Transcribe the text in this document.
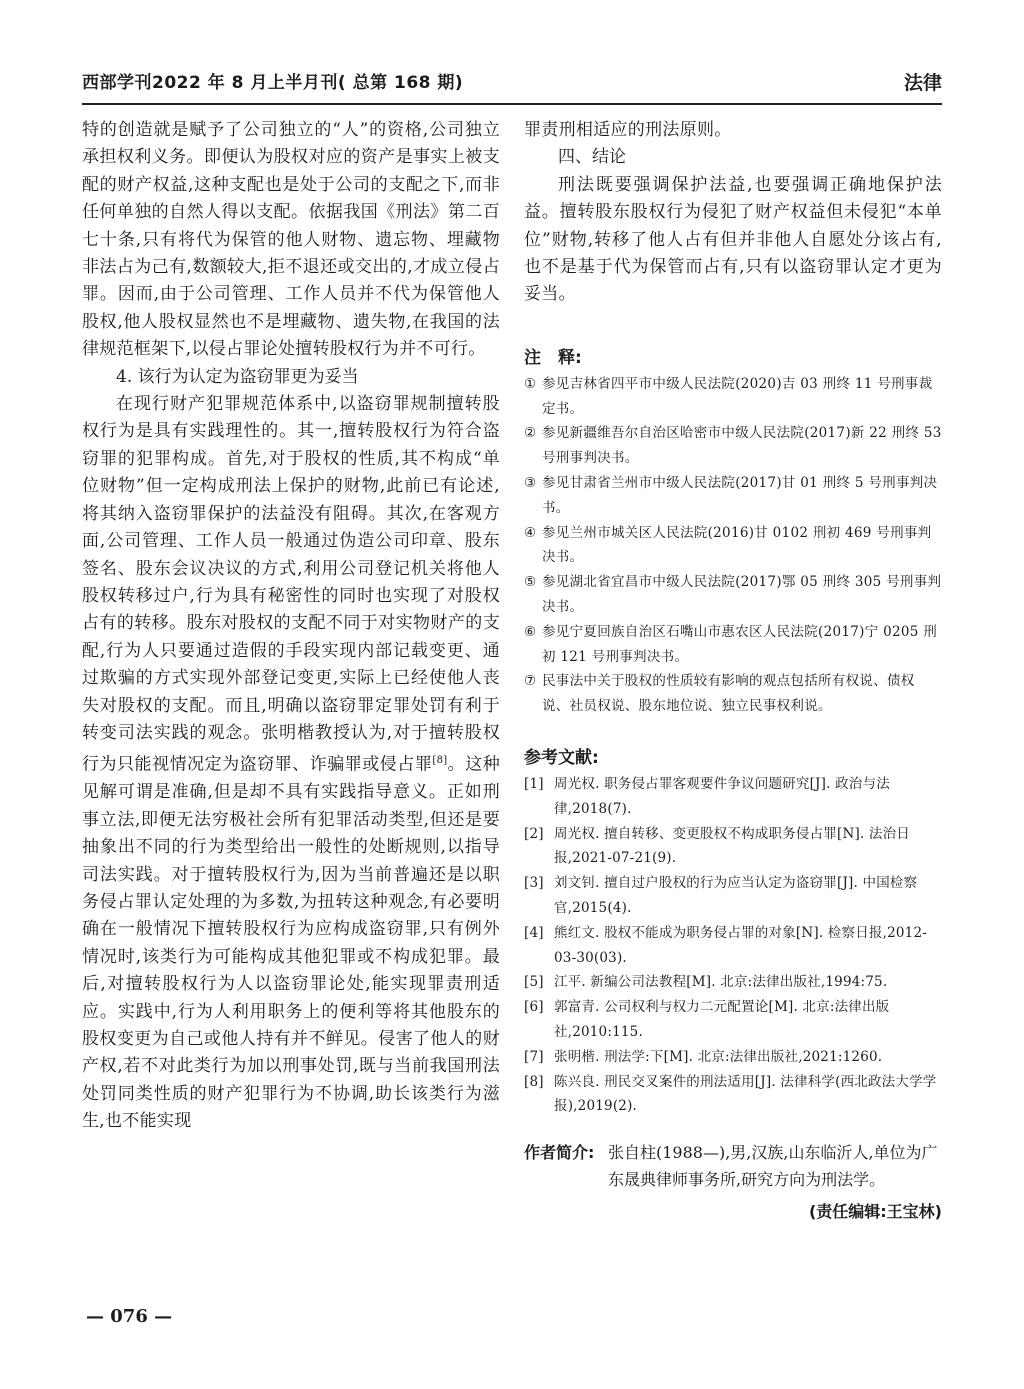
西部学刊2022 年 8 月上半月刊( 总第 168 期)	法律

特的创造就是赋予了公司独立的“人”的资格,公司独立承担权利义务。即便认为股权对应的资产是事实上被支配的财产权益,这种支配也是处于公司的支配之下,而非任何单独的自然人得以支配。依据我国《刑法》第二百七十条,只有将代为保管的他人财物、遗忘物、埋藏物非法占为己有,数额较大,拒不退还或交出的,才成立侵占罪。因而,由于公司管理、工作人员并不代为保管他人股权,他人股权显然也不是埋藏物、遗失物,在我国的法律规范框架下,以侵占罪论处擅转股权行为并不可行。

4. 该行为认定为盗窃罪更为妥当

在现行财产犯罪规范体系中,以盗窃罪规制擅转股权行为是具有实践理性的。其一,擅转股权行为符合盗窃罪的犯罪构成。首先,对于股权的性质,其不构成“单位财物”但一定构成刑法上保护的财物,此前已有论述,将其纳入盗窃罪保护的法益没有阻碍。其次,在客观方面,公司管理、工作人员一般通过伪造公司印章、股东签名、股东会议决议的方式,利用公司登记机关将他人股权转移过户,行为具有秘密性的同时也实现了对股权占有的转移。股东对股权的支配不同于对实物财产的支配,行为人只要通过造假的手段实现内部记载变更、通过欺骗的方式实现外部登记变更,实际上已经使他人丧失对股权的支配。而且,明确以盗窃罪定罪处罚有利于转变司法实践的观念。张明楷教授认为,对于擅转股权行为只能视情况定为盗窃罪、诈骗罪或侵占罪[8]。这种见解可谓是准确,但是却不具有实践指导意义。正如刑事立法,即便无法穷极社会所有犯罪活动类型,但还是要抽象出不同的行为类型给出一般性的处断规则,以指导司法实践。对于擅转股权行为,因为当前普遍还是以职务侵占罪认定处理的为多数,为扭转这种观念,有必要明确在一般情况下擅转股权行为应构成盗窃罪,只有例外情况时,该类行为可能构成其他犯罪或不构成犯罪。最后,对擅转股权行为人以盗窃罪论处,能实现罪责刑适应。实践中,行为人利用职务上的便利等将其他股东的股权变更为自己或他人持有并不鲜见。侵害了他人的财产权,若不对此类行为加以刑事处罚,既与当前我国刑法处罚同类性质的财产犯罪行为不协调,助长该类行为滋生,也不能实现

罪责刑相适应的刑法原则。

四、结论

刑法既要强调保护法益,也要强调正确地保护法益。擅转股东股权行为侵犯了财产权益但未侵犯“本单位”财物,转移了他人占有但并非他人自愿处分该占有,也不是基于代为保管而占有,只有以盗窃罪认定才更为妥当。

注　释:

① 参见吉林省四平市中级人民法院(2020)吉 03 刑终 11 号刑事裁定书。
② 参见新疆维吾尔自治区哈密市中级人民法院(2017)新 22 刑终 53 号刑事判决书。
③ 参见甘肃省兰州市中级人民法院(2017)甘 01 刑终 5 号刑事判决书。
④ 参见兰州市城关区人民法院(2016)甘 0102 刑初 469 号刑事判决书。
⑤ 参见湖北省宜昌市中级人民法院(2017)鄂 05 刑终 305 号刑事判决书。
⑥ 参见宁夏回族自治区石嘴山市惠农区人民法院(2017)宁 0205 刑初 121 号刑事判决书。
⑦ 民事法中关于股权的性质较有影响的观点包括所有权说、债权说、社员权说、股东地位说、独立民事权利说。

参考文献:

[1] 周光权. 职务侵占罪客观要件争议问题研究[J]. 政治与法律,2018(7).
[2] 周光权. 擅自转移、变更股权不构成职务侵占罪[N]. 法治日报,2021-07-21(9).
[3] 刘文钊. 擅自过户股权的行为应当认定为盗窃罪[J]. 中国检察官,2015(4).
[4] 熊红文. 股权不能成为职务侵占罪的对象[N]. 检察日报,2012-03-30(03).
[5] 江平. 新编公司法教程[M]. 北京:法律出版社,1994:75.
[6] 郭富青. 公司权利与权力二元配置论[M]. 北京:法律出版社,2010:115.
[7] 张明楷. 刑法学:下[M]. 北京:法律出版社,2021:1260.
[8] 陈兴良. 刑民交叉案件的刑法适用[J]. 法律科学(西北政法大学学报),2019(2).
作者简介: 张自柱(1988—),男,汉族,山东临沂人,单位为广东晟典律师事务所,研究方向为刑法学。
(责任编辑:王宝林)
— 076 —
